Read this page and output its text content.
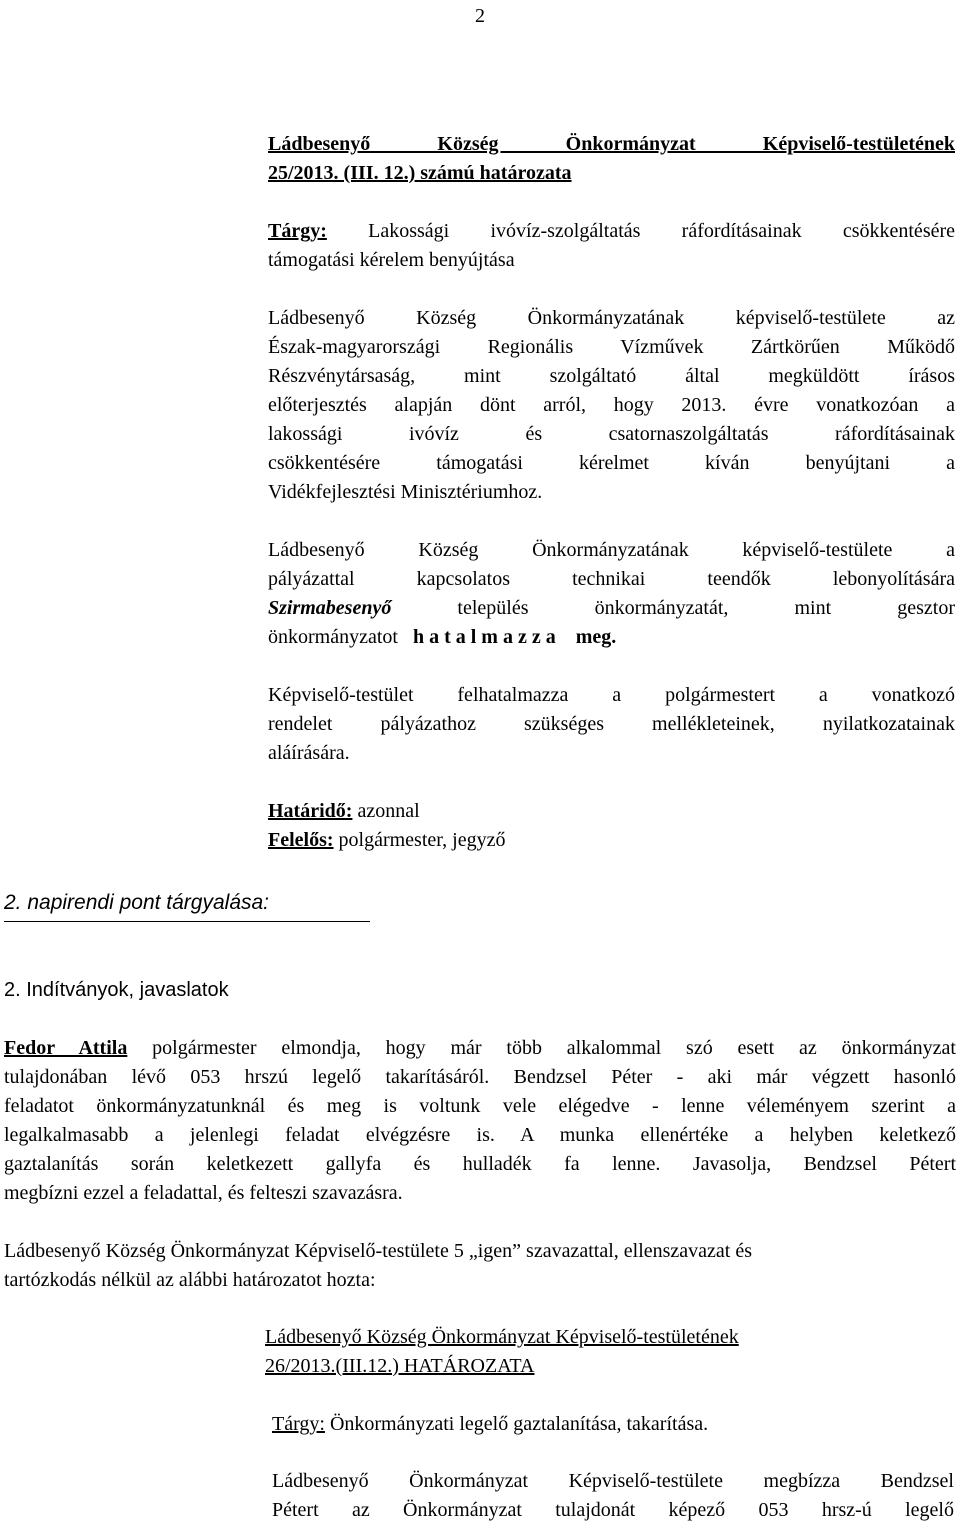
2
Ládbesenyő Község Önkormányzat Képviselő-testületének
25/2013. (III. 12.) számú határozata
Tárgy: Lakossági ivóvíz-szolgáltatás ráfordításainak csökkentésére
támogatási kérelem benyújtása
Ládbesenyő Község Önkormányzatának képviselő-testülete az
Észak-magyarországi Regionális Vízművek Zártkörűen Működő
Részvénytársaság, mint szolgáltató által megküldött írásos
előterjesztés alapján dönt arról, hogy 2013. évre vonatkozóan a
lakossági ivóvíz és csatornaszolgáltatás ráfordításainak
csökkentésére támogatási kérelmet kíván benyújtani a
Vidékfejlesztési Minisztériumhoz.
Ládbesenyő Község Önkormányzatának képviselő-testülete a
pályázattal kapcsolatos technikai teendők lebonyolítására
Szirmabesenyő	település önkormányzatát, mint gesztor
önkormányzatot h a t a l m a z z a meg.
Képviselő-testület felhatalmazza a polgármestert a vonatkozó
rendelet pályázathoz szükséges mellékleteinek, nyilatkozatainak
aláírására.
Határidő: azonnal
Felelős: polgármester, jegyző
2. napirendi pont tárgyalása:
2. Indítványok, javaslatok
Fedor Attila polgármester elmondja, hogy már több alkalommal szó esett az önkormányzat
tulajdonában lévő 053 hrszú legelő takarításáról. Bendzsel Péter - aki már végzett hasonló
feladatot önkormányzatunknál és meg is voltunk vele elégedve - lenne véleményem szerint a
legalkalmasabb a jelenlegi feladat elvégzésre is. A munka ellenértéke a helyben keletkező
gaztalanítás során keletkezett gallyfa és hulladék fa lenne. Javasolja, Bendzsel Pétert
megbízni ezzel a feladattal, és felteszi szavazásra.
Ládbesenyő Község Önkormányzat Képviselő-testülete 5 „igen” szavazattal, ellenszavazat és
tartózkodás nélkül az alábbi határozatot hozta:
Ládbesenyő Község Önkormányzat Képviselő-testületének
26/2013.(III.12.) HATÁROZATA
Tárgy: Önkormányzati legelő gaztalanítása, takarítása.
Ládbesenyő Önkormányzat Képviselő-testülete megbízza Bendzsel
Pétert az Önkormányzat tulajdonát képező 053 hrsz-ú legelő
